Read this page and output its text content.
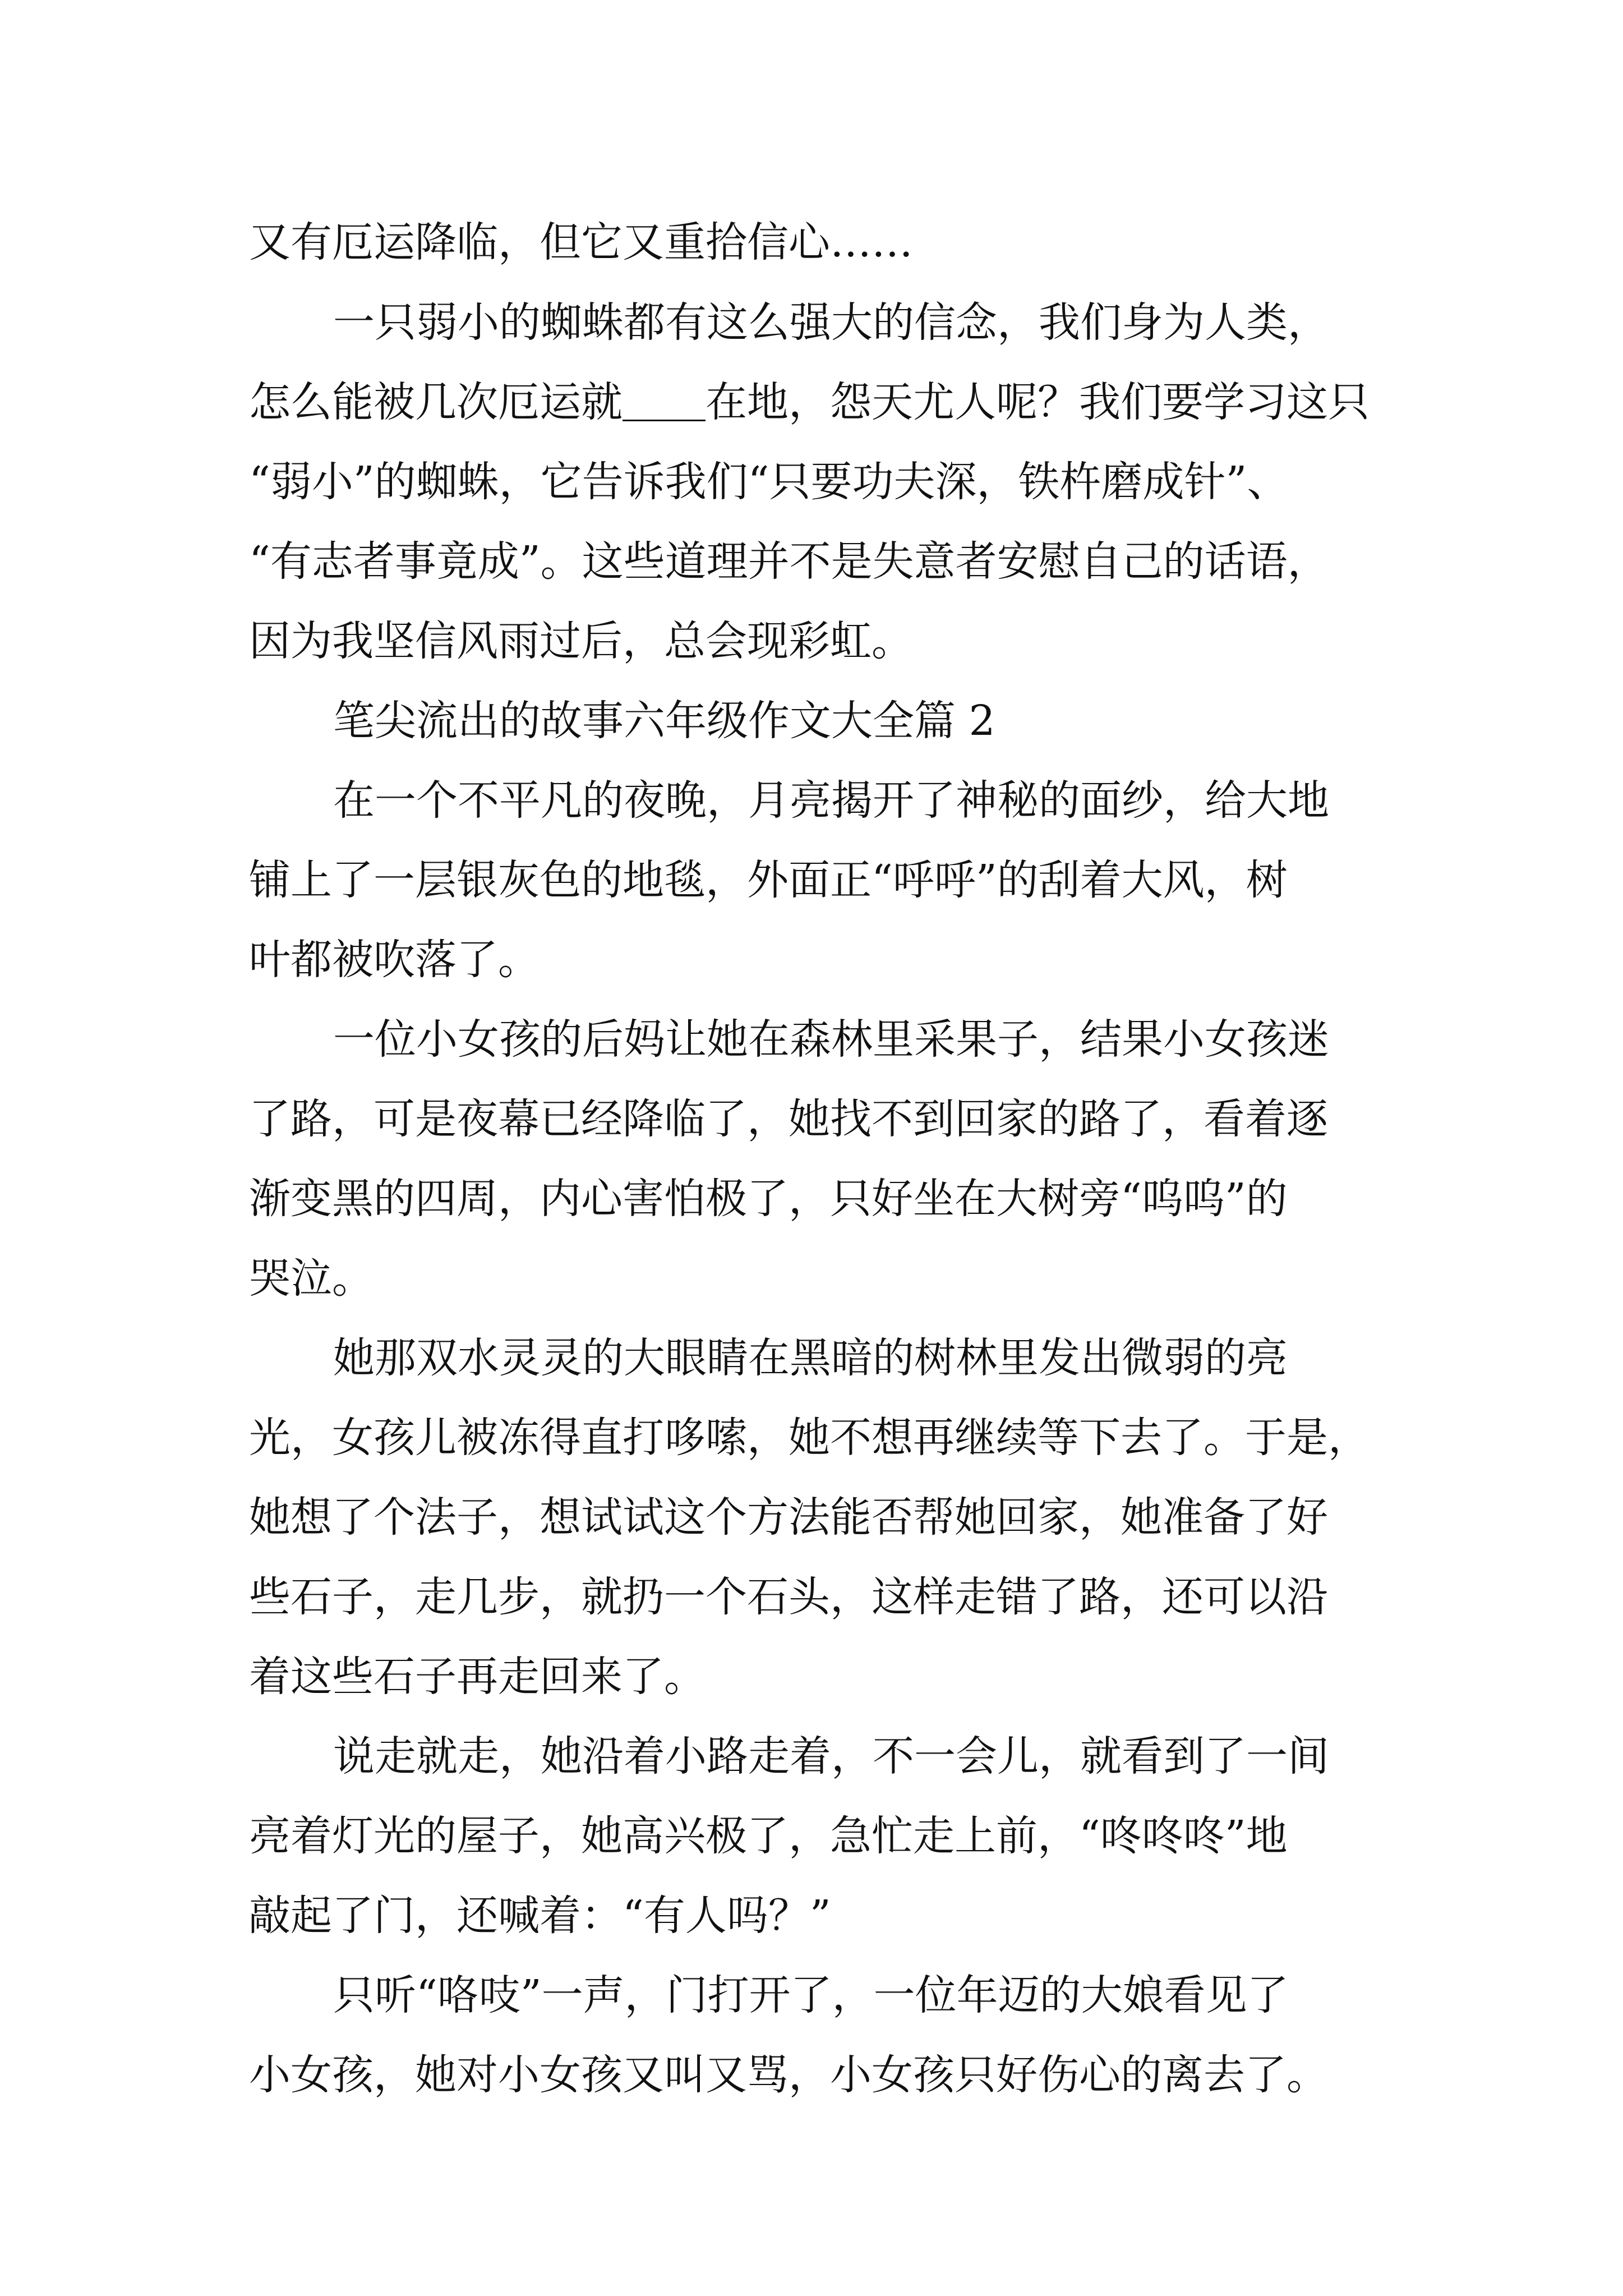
又有厄运降临，但它又重拾信心……

一只弱小的蜘蛛都有这么强大的信念，我们身为人类，

怎么能被几次厄运就＿＿在地，怨天尤人呢？我们要学习这只

“弱小”的蜘蛛，它告诉我们“只要功夫深，铁杵磨成针”、

“有志者事竟成”。这些道理并不是失意者安慰自己的话语，

因为我坚信风雨过后，总会现彩虹。

笔尖流出的故事六年级作文大全篇 2

在一个不平凡的夜晚，月亮揭开了神秘的面纱，给大地

铺上了一层银灰色的地毯，外面正“呼呼”的刮着大风，树

叶都被吹落了。

一位小女孩的后妈让她在森林里采果子，结果小女孩迷

了路，可是夜幕已经降临了，她找不到回家的路了，看着逐

渐变黑的四周，内心害怕极了，只好坐在大树旁“呜呜”的

哭泣。

她那双水灵灵的大眼睛在黑暗的树林里发出微弱的亮

光，女孩儿被冻得直打哆嗦，她不想再继续等下去了。于是，

她想了个法子，想试试这个方法能否帮她回家，她准备了好

些石子，走几步，就扔一个石头，这样走错了路，还可以沿

着这些石子再走回来了。

说走就走，她沿着小路走着，不一会儿，就看到了一间

亮着灯光的屋子，她高兴极了，急忙走上前，“咚咚咚”地

敲起了门，还喊着：“有人吗？”

只听“咯吱”一声，门打开了，一位年迈的大娘看见了

小女孩，她对小女孩又叫又骂，小女孩只好伤心的离去了。
